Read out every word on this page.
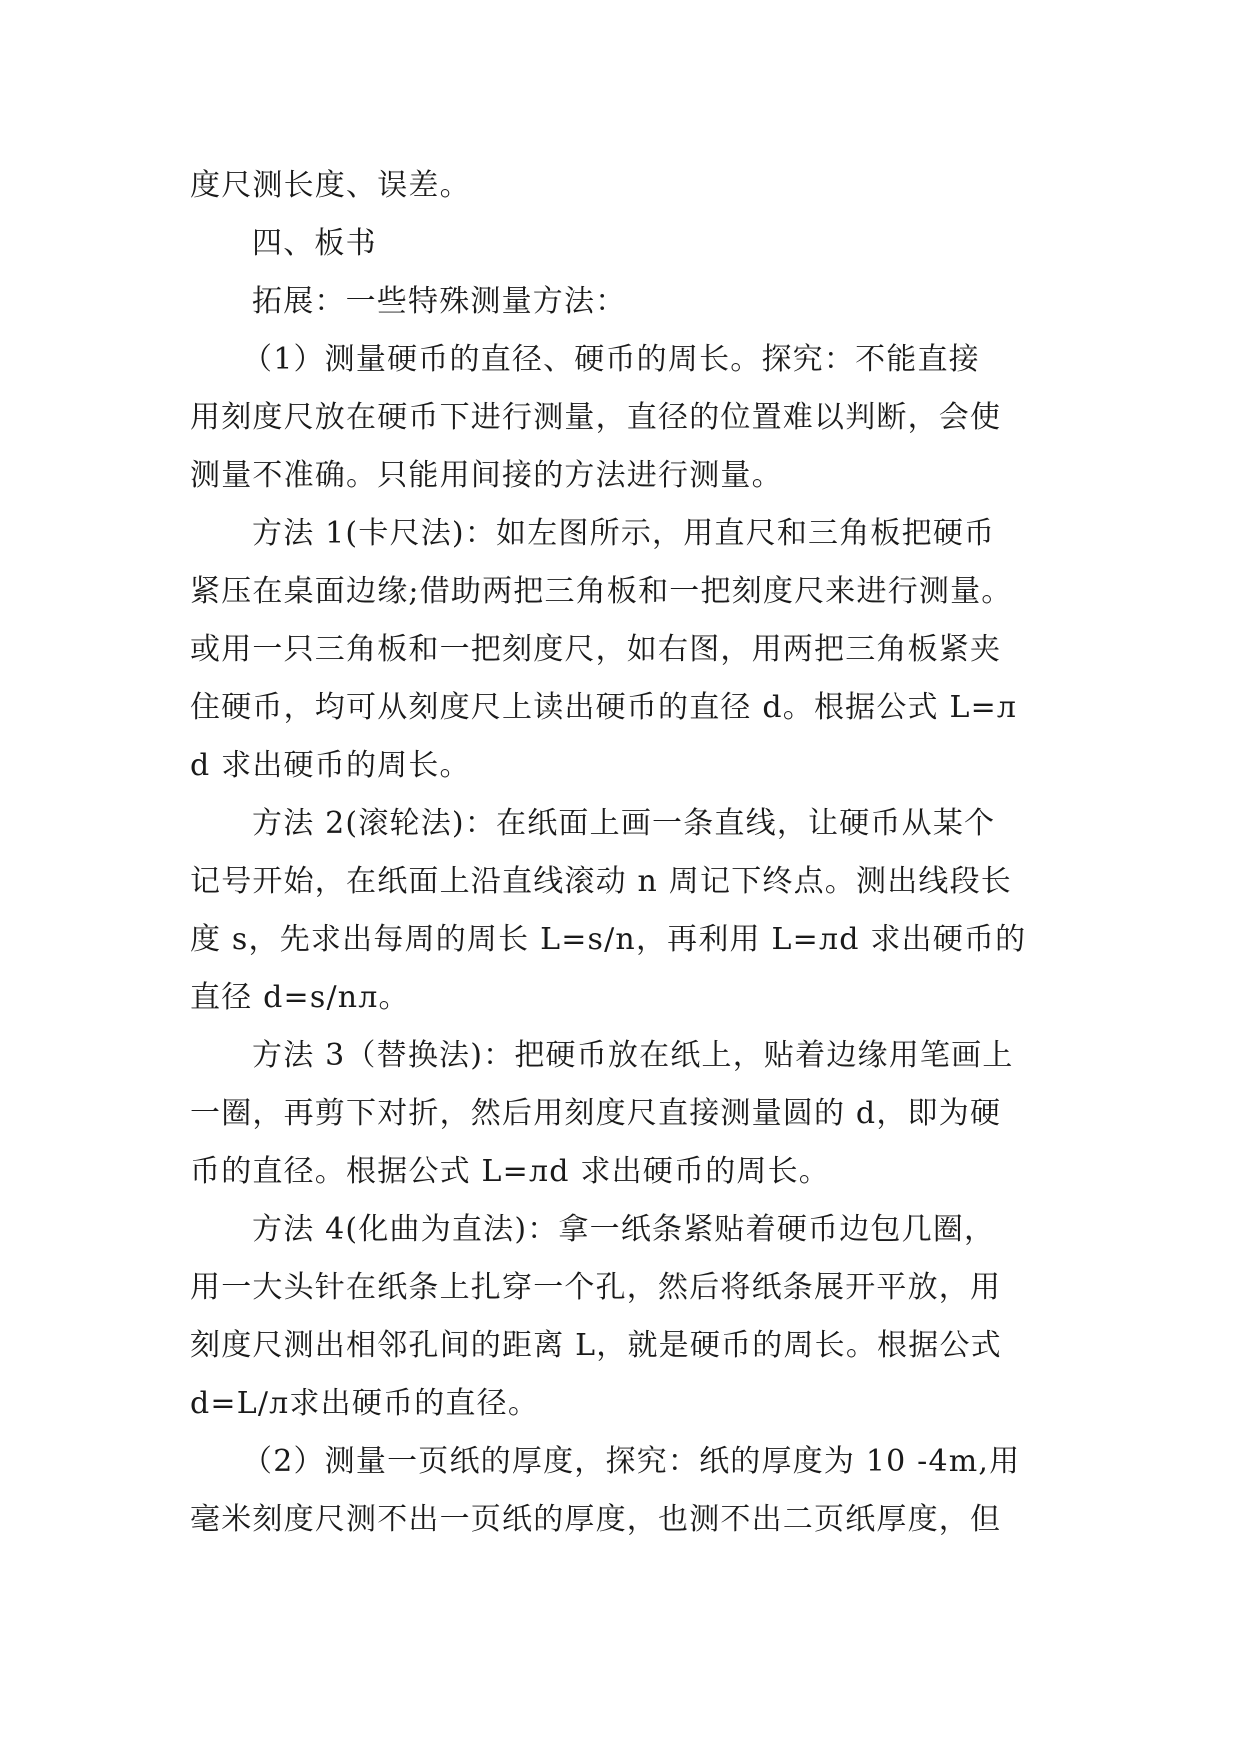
度尺测长度、误差。
四、板书
拓展：一些特殊测量方法：
（1）测量硬币的直径、硬币的周长。探究：不能直接
用刻度尺放在硬币下进行测量，直径的位置难以判断，会使
测量不准确。只能用间接的方法进行测量。
方法 1(卡尺法)：如左图所示，用直尺和三角板把硬币
紧压在桌面边缘;借助两把三角板和一把刻度尺来进行测量。
或用一只三角板和一把刻度尺，如右图，用两把三角板紧夹
住硬币，均可从刻度尺上读出硬币的直径 d。根据公式 L=л
d 求出硬币的周长。
方法 2(滚轮法)：在纸面上画一条直线，让硬币从某个
记号开始，在纸面上沿直线滚动 n 周记下终点。测出线段长
度 s，先求出每周的周长 L=s/n，再利用 L=лd 求出硬币的
直径 d=s/nл。
方法 3（替换法)：把硬币放在纸上，贴着边缘用笔画上
一圈，再剪下对折，然后用刻度尺直接测量圆的 d，即为硬
币的直径。根据公式 L=лd 求出硬币的周长。
方法 4(化曲为直法)：拿一纸条紧贴着硬币边包几圈，
用一大头针在纸条上扎穿一个孔，然后将纸条展开平放，用
刻度尺测出相邻孔间的距离 L，就是硬币的周长。根据公式
d=L/л求出硬币的直径。
（2）测量一页纸的厚度，探究：纸的厚度为 10 -4m,用
毫米刻度尺测不出一页纸的厚度，也测不出二页纸厚度，但
